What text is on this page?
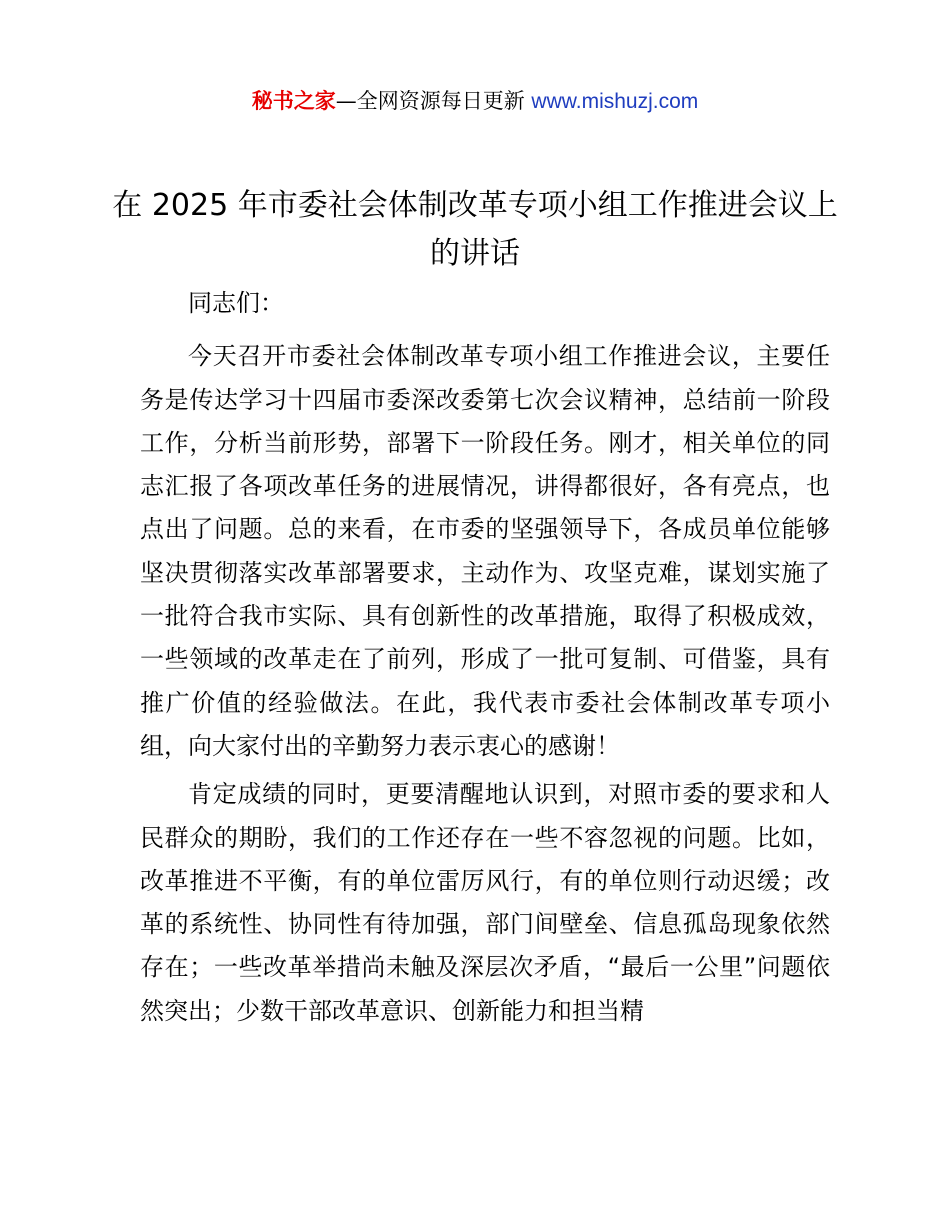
秘书之家—全网资源每日更新 www.mishuzj.com
在 2025 年市委社会体制改革专项小组工作推进会议上的讲话

同志们：

今天召开市委社会体制改革专项小组工作推进会议，主要任务是传达学习十四届市委深改委第七次会议精神，总结前一阶段工作，分析当前形势，部署下一阶段任务。刚才，相关单位的同志汇报了各项改革任务的进展情况，讲得都很好，各有亮点，也点出了问题。总的来看，在市委的坚强领导下，各成员单位能够坚决贯彻落实改革部署要求，主动作为、攻坚克难，谋划实施了一批符合我市实际、具有创新性的改革措施，取得了积极成效，一些领域的改革走在了前列，形成了一批可复制、可借鉴，具有推广价值的经验做法。在此，我代表市委社会体制改革专项小组，向大家付出的辛勤努力表示衷心的感谢！

肯定成绩的同时，更要清醒地认识到，对照市委的要求和人民群众的期盼，我们的工作还存在一些不容忽视的问题。比如，改革推进不平衡，有的单位雷厉风行，有的单位则行动迟缓；改革的系统性、协同性有待加强，部门间壁垒、信息孤岛现象依然存在；一些改革举措尚未触及深层次矛盾，“最后一公里”问题依然突出；少数干部改革意识、创新能力和担当精
